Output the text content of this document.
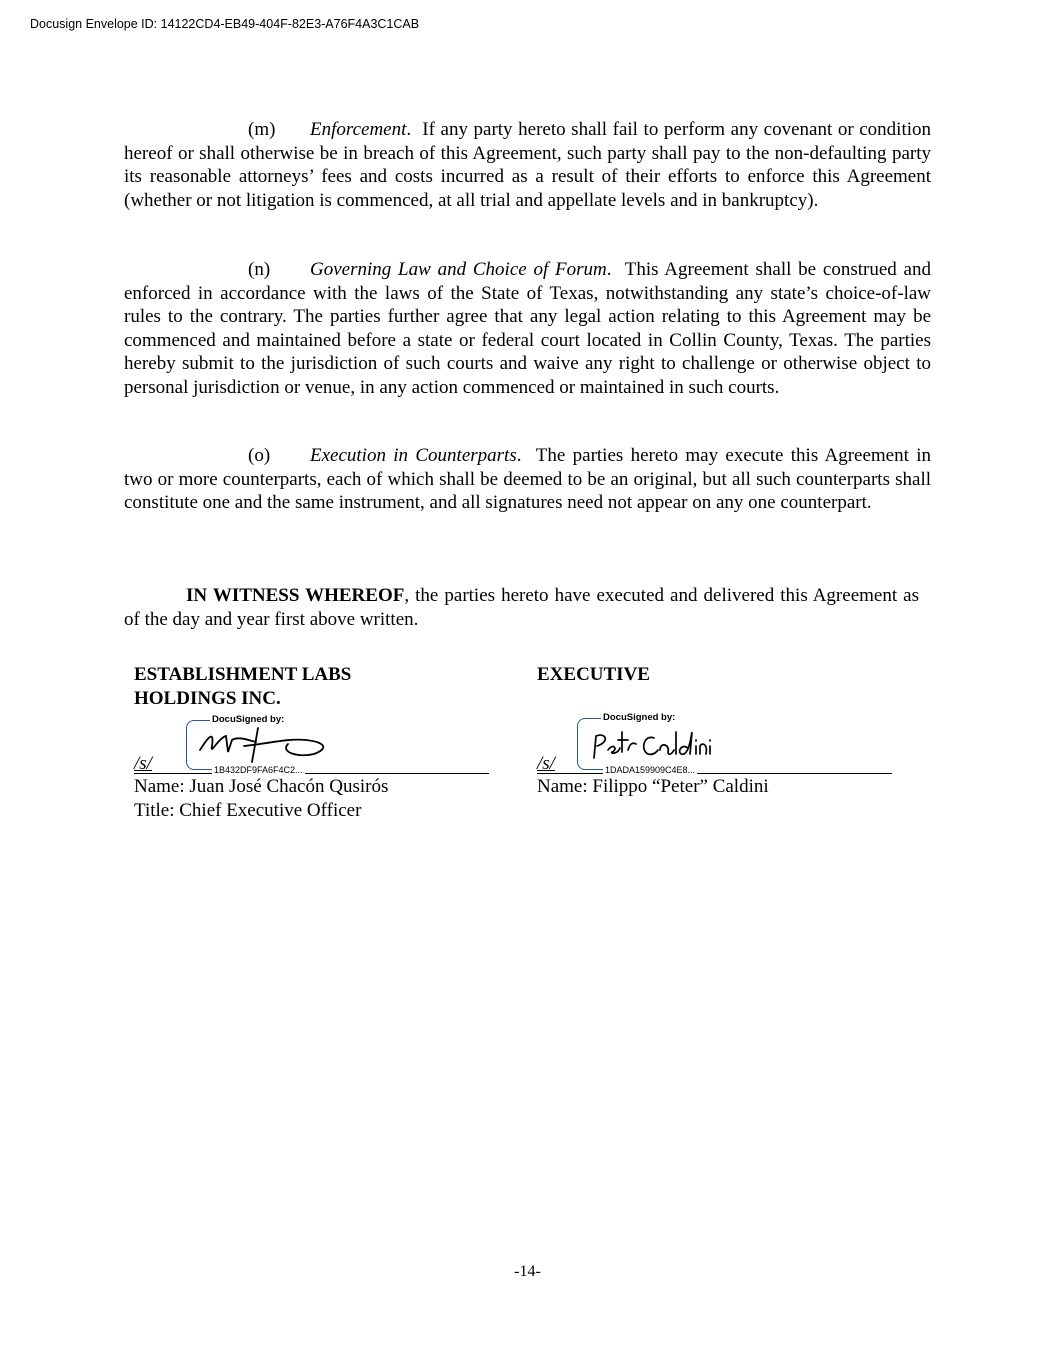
Docusign Envelope ID: 14122CD4-EB49-404F-82E3-A76F4A3C1CAB

(m) Enforcement.  If any party hereto shall fail to perform any covenant or condition hereof or shall otherwise be in breach of this Agreement, such party shall pay to the non-defaulting party its reasonable attorneys’ fees and costs incurred as a result of their efforts to enforce this Agreement (whether or not litigation is commenced, at all trial and appellate levels and in bankruptcy).

(n) Governing Law and Choice of Forum.  This Agreement shall be construed and enforced in accordance with the laws of the State of Texas, notwithstanding any state’s choice-of-law rules to the contrary. The parties further agree that any legal action relating to this Agreement may be commenced and maintained before a state or federal court located in Collin County, Texas. The parties hereby submit to the jurisdiction of such courts and waive any right to challenge or otherwise object to personal jurisdiction or venue, in any action commenced or maintained in such courts.

(o) Execution in Counterparts.  The parties hereto may execute this Agreement in two or more counterparts, each of which shall be deemed to be an original, but all such counterparts shall constitute one and the same instrument, and all signatures need not appear on any one counterpart.

IN WITNESS WHEREOF, the parties hereto have executed and delivered this Agreement as of the day and year first above written.

ESTABLISHMENT LABS
HOLDINGS INC.
DocuSigned by:
/s/	1B432DF9FA6F4C2...
Name: Juan José Chacón Qusirós
Title: Chief Executive Officer
EXECUTIVE
DocuSigned by:
/s/	1DADA159909C4E8...
Name: Filippo “Peter” Caldini
-14-
